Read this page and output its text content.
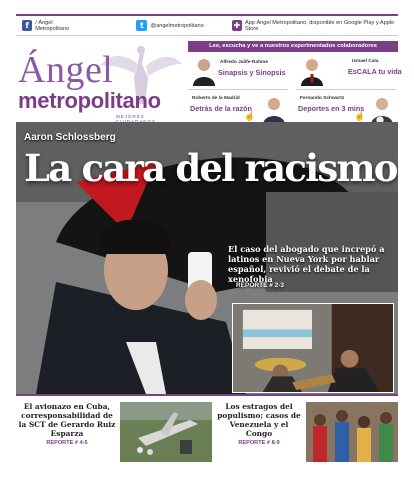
f	/ Ángel Metropolitano	t	@angelmetropolitano	✚ App Ángel Metropolitano, disponible en Google Play y Apple Store
Ángel
metropolitano
MEJORES
Lee, escucha y ve a nuestros experimentados colaboradores
Alfredo Jalife-Rahme
Sinapsis y Sinopsis
Ismael Cala
EsCALA tu vida
Roberto de la Madrid
Detrás de la razón
☝
Fernando Schwartz
Deportes en 3 mins
☝
Aaron Schlossberg
La cara del racismo
El caso del abogado que increpó a latinos en Nueva York por hablar español, revivió el debate de la xenofobia
REPORTE # 2-3
El avionazo en Cuba, corresponsabilidad de la SCT de Gerardo Ruiz Esparza
REPORTE # 4-5
Los estragos del populismo; casos de Venezuela y el Congo
REPORTE # 8-9
